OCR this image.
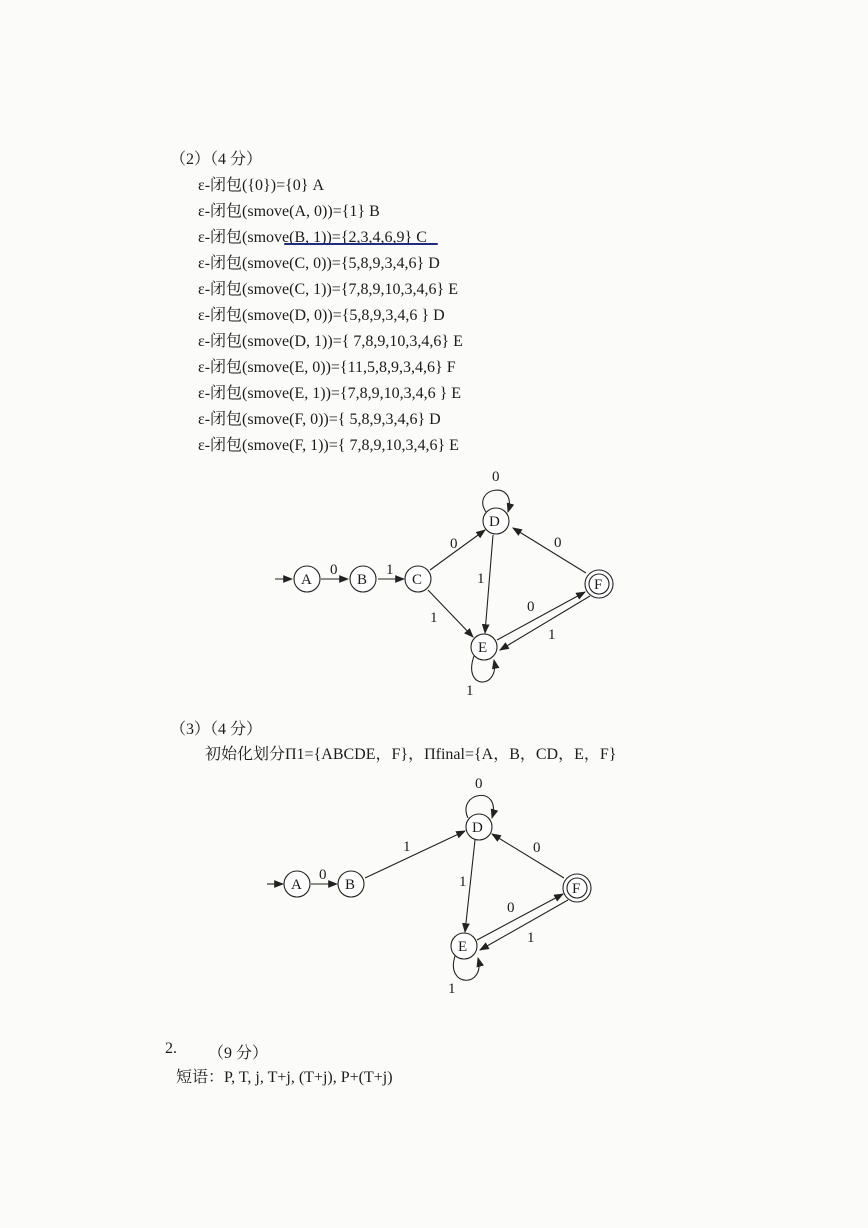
（2）（4 分）
ε-闭包({0})={0} A
ε-闭包(smove(A, 0))={1} B
ε-闭包(smove(B, 1))={2,3,4,6,9} C
ε-闭包(smove(C, 0))={5,8,9,3,4,6} D
ε-闭包(smove(C, 1))={7,8,9,10,3,4,6} E
ε-闭包(smove(D, 0))={5,8,9,3,4,6 } D
ε-闭包(smove(D, 1))={ 7,8,9,10,3,4,6} E
ε-闭包(smove(E, 0))={11,5,8,9,3,4,6} F
ε-闭包(smove(E, 1))={7,8,9,10,3,4,6 } E
ε-闭包(smove(F, 0))={ 5,8,9,3,4,6} D
ε-闭包(smove(F, 1))={ 7,8,9,10,3,4,6} E
0	1
0
1
0
1
1
0
0
1
A	B	C
D
E
F
（3）（4 分）
初始化划分Π1={ABCDE，F}，Πfinal={A，B，CD，E，F}
0
1
0
1
1
0
0
1
A	B
D
E
F
2. （9 分）
短语：P, T, j, T+j, (T+j), P+(T+j)
